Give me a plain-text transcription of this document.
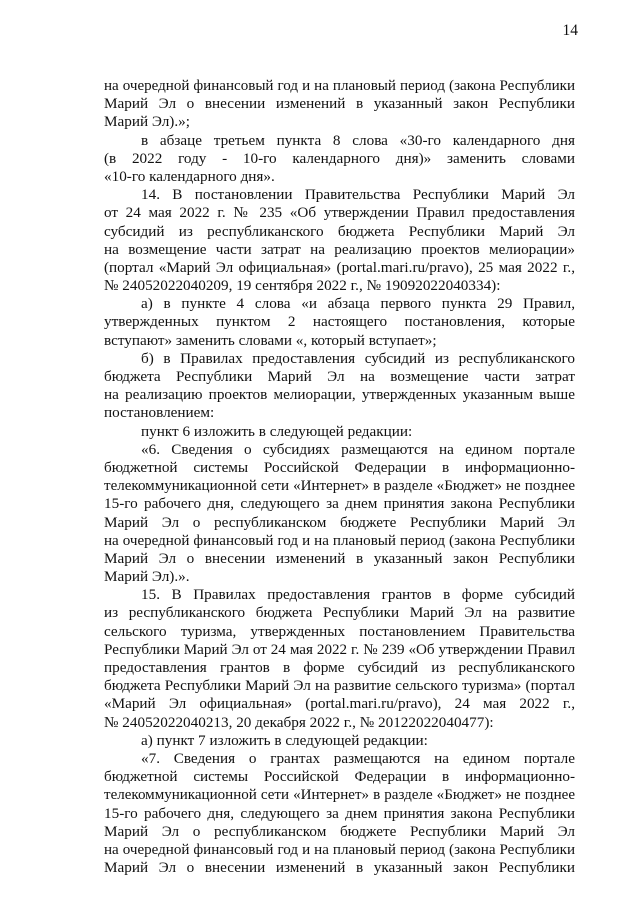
14
на очередной финансовый год и на плановый период (закона Республики
Марий Эл о внесении изменений в указанный закон Республики
Марий Эл).»;
в абзаце третьем пункта 8 слова «30-го календарного дня
(в 2022 году - 10-го календарного дня)» заменить словами
«10-го календарного дня».
14. В постановлении Правительства Республики Марий Эл
от 24 мая 2022 г. № 235 «Об утверждении Правил предоставления
субсидий из республиканского бюджета Республики Марий Эл
на возмещение части затрат на реализацию проектов мелиорации»
(портал «Марий Эл официальная» (portal.mari.ru/pravo), 25 мая 2022 г.,
№ 24052022040209, 19 сентября 2022 г., № 19092022040334):
а) в пункте 4 слова «и абзаца первого пункта 29 Правил,
утвержденных пунктом 2 настоящего постановления, которые
вступают» заменить словами «, который вступает»;
б) в Правилах предоставления субсидий из республиканского
бюджета Республики Марий Эл на возмещение части затрат
на реализацию проектов мелиорации, утвержденных указанным выше
постановлением:
пункт 6 изложить в следующей редакции:
«6. Сведения о субсидиях размещаются на едином портале
бюджетной системы Российской Федерации в информационно-
телекоммуникационной сети «Интернет» в разделе «Бюджет» не позднее
15-го рабочего дня, следующего за днем принятия закона Республики
Марий Эл о республиканском бюджете Республики Марий Эл
на очередной финансовый год и на плановый период (закона Республики
Марий Эл о внесении изменений в указанный закон Республики
Марий Эл).».
15. В Правилах предоставления грантов в форме субсидий
из республиканского бюджета Республики Марий Эл на развитие
сельского туризма, утвержденных постановлением Правительства
Республики Марий Эл от 24 мая 2022 г. № 239 «Об утверждении Правил
предоставления грантов в форме субсидий из республиканского
бюджета Республики Марий Эл на развитие сельского туризма» (портал
«Марий Эл официальная» (portal.mari.ru/pravo), 24 мая 2022 г.,
№ 24052022040213, 20 декабря 2022 г., № 20122022040477):
а) пункт 7 изложить в следующей редакции:
«7. Сведения о грантах размещаются на едином портале
бюджетной системы Российской Федерации в информационно-
телекоммуникационной сети «Интернет» в разделе «Бюджет» не позднее
15-го рабочего дня, следующего за днем принятия закона Республики
Марий Эл о республиканском бюджете Республики Марий Эл
на очередной финансовый год и на плановый период (закона Республики
Марий Эл о внесении изменений в указанный закон Республики
